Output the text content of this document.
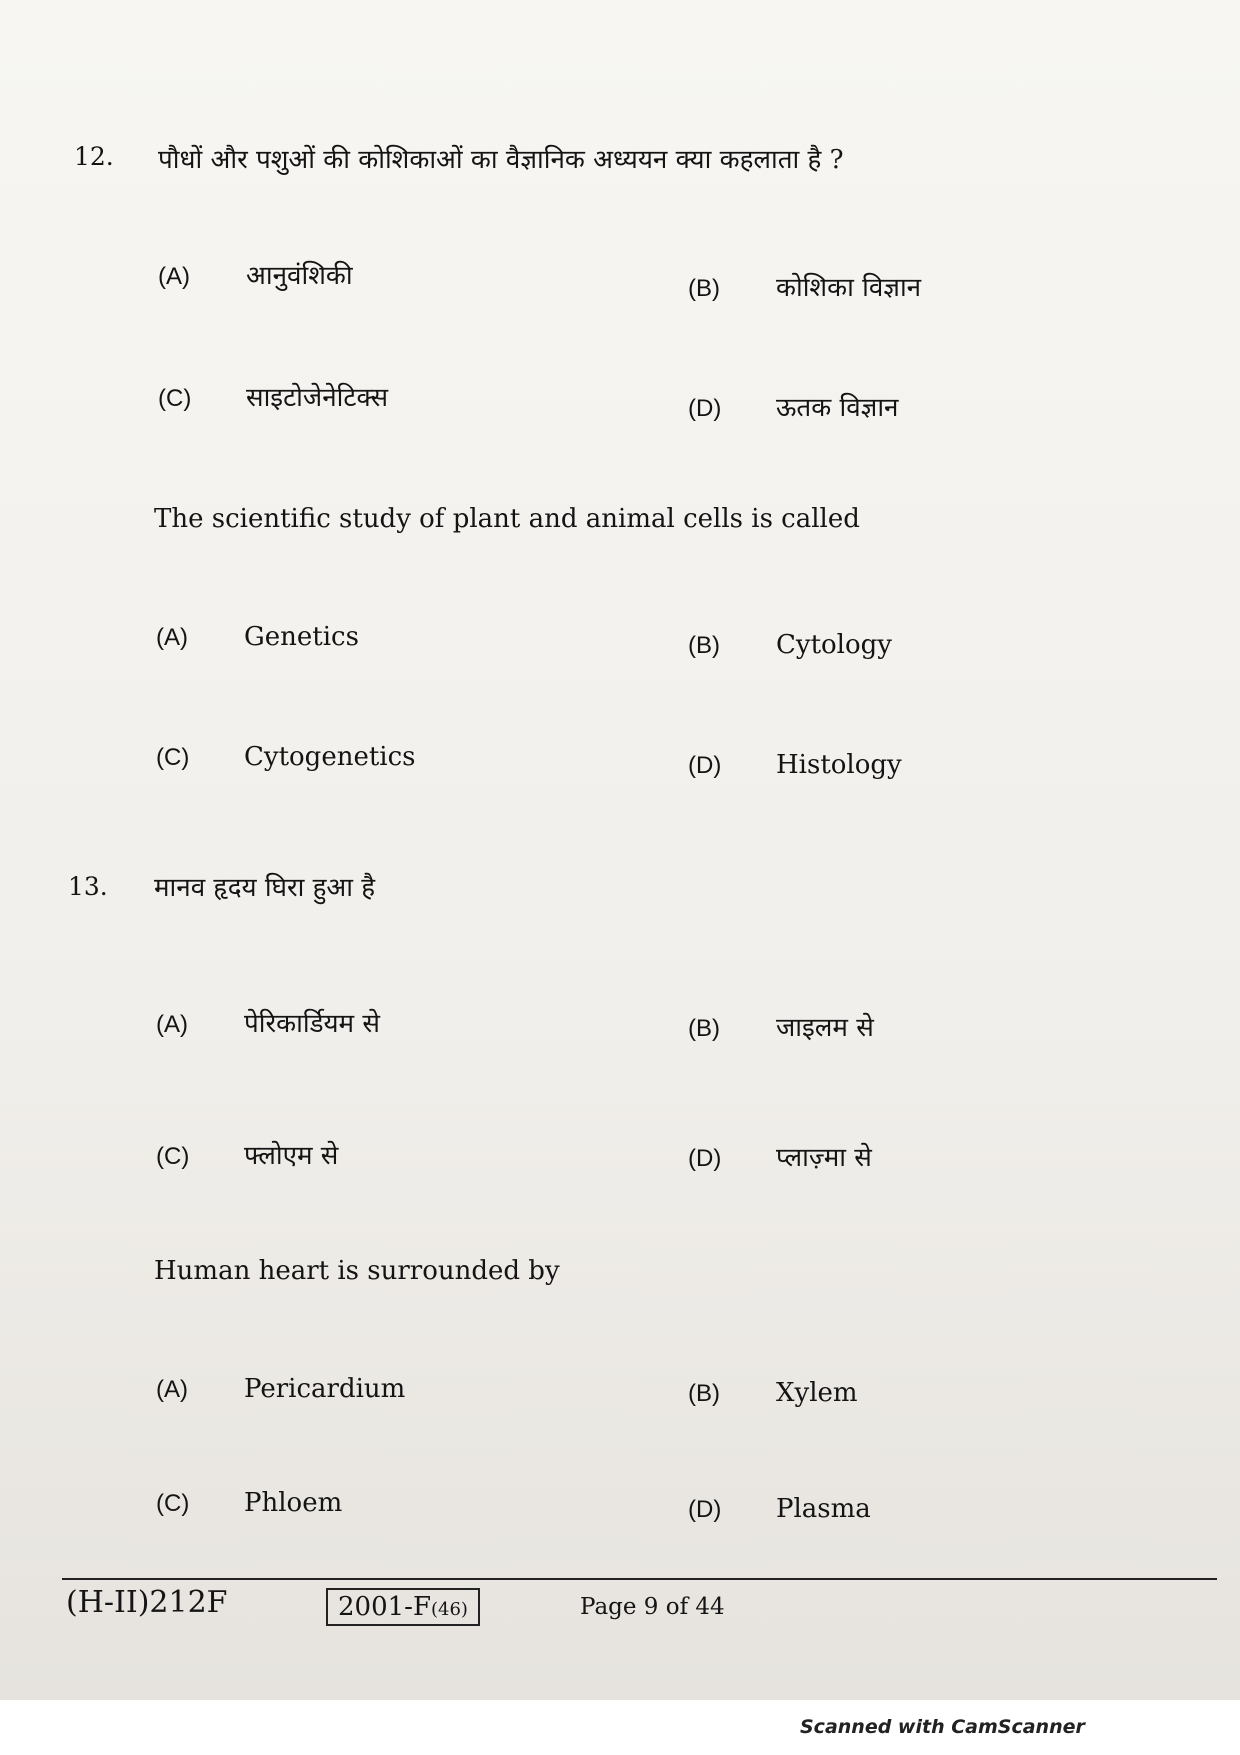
12. पौधों और पशुओं की कोशिकाओं का वैज्ञानिक अध्ययन क्या कहलाता है ?
(A) आनुवंशिकी	(B) कोशिका विज्ञान
(C) साइटोजेनेटिक्स	(D) ऊतक विज्ञान
The scientific study of plant and animal cells is called
(A) Genetics	(B) Cytology
(C) Cytogenetics	(D) Histology
13. मानव हृदय घिरा हुआ है
(A) पेरिकार्डियम से	(B) जाइलम से
(C) फ्लोएम से	(D) प्लाज़्मा से
Human heart is surrounded by
(A) Pericardium	(B) Xylem
(C) Phloem	(D) Plasma
(H-II)212F	2001-F(46)	Page 9 of 44
Scanned with CamScanner
